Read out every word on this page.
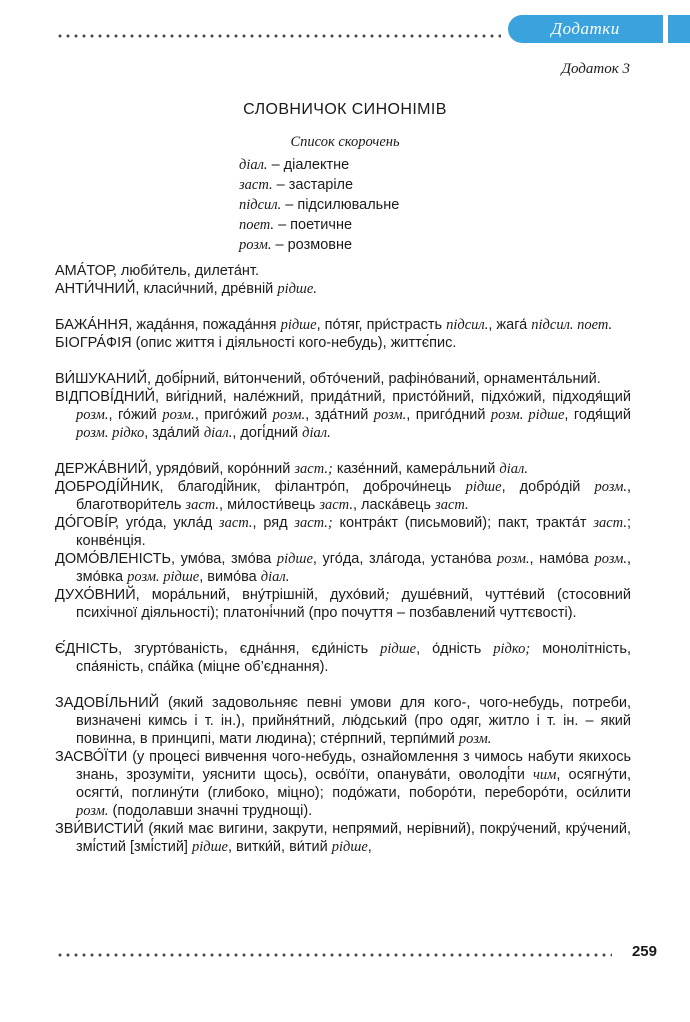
Додатки
Додаток 3
СЛОВНИЧОК СИНОНІМІВ
Список скорочень
діал. – діалектне
заст. – застаріле
підсил. – підсилювальне
поет. – поетичне
розм. – розмовне
АМА́ТОР, люби́тель, дилета́нт.
АНТИ́ЧНИЙ, класи́чний, дре́вній рідше.
БАЖА́ННЯ, жада́ння, пожада́ння рідше, по́тяг, при́страсть підсил., жага́ підсил. поет.
БІОГРА́ФІЯ (опис життя і діяльності кого-небудь), життє́пис.
ВИ́ШУКАНИЙ, добі́рний, ви́тончений, обто́чений, рафіно́ваний, орнамента́льний.
ВІДПОВІ́ДНИЙ, ви́гідний, нале́жний, прида́тний, присто́йний, підхо́жий, підходя́щий розм., го́жий розм., приго́жий розм., зда́тний розм., приго́дний розм. рідше, годя́щий розм. рідко, зда́лий діал., догі́дний діал.
ДЕРЖА́ВНИЙ, урядо́вий, коро́нний заст.; казе́нний, камера́льний діал.
ДОБРОДІ́ЙНИК, благоді́йник, філантро́п, доброчи́нець рідше, добро́дій розм., благотвори́тель заст., ми́лости́вець заст., ласка́вець заст.
ДО́ГОВІ́Р, уго́да, укла́д заст., ряд заст.; контра́кт (письмовий); пакт, тракта́т заст.; конве́нція.
ДОМО́ВЛЕНІСТЬ, умо́ва, змо́ва рідше, уго́да, зла́года, устано́ва розм., намо́ва розм., змо́вка розм. рідше, вимо́ва діал.
ДУХО́ВНИЙ, мора́льний, вну́трішній, духо́вий; душе́вний, чутте́вий (стосовний психічної діяльності); платоні́чний (про почуття – позбавлений чуттєвості).
Є́ДНІСТЬ, згурто́ваність, єдна́ння, єди́ність рідше, о́дність рідко; монолітність, спа́яність, спа́йка (міцне об’єднання).
ЗАДОВІ́ЛЬНИЙ (який задовольняє певні умови для кого-, чого-небудь, потреби, визначені кимсь і т. ін.), прийня́тний, лю́дський (про одяг, житло і т. ін. – який повинна, в принципі, мати людина); сте́рпний, терпи́мий розм.
ЗАСВО́ЇТИ (у процесі вивчення чого-небудь, ознайомлення з чимось набути якихось знань, зрозуміти, уяснити щось), осво́їти, опанува́ти, оволоді́ти чим, осягну́ти, осягти́, поглину́ти (глибоко, міцно); подо́жати, поборо́ти, переборо́ти, оси́лити розм. (подолавши значні труднощі).
ЗВИ́ВИСТИЙ (який має вигини, закрути, непрямий, нерівний), покру́чений, кру́чений, змі́стий [змі́стий] рідше, витки́й, ви́тий рідше,
259
